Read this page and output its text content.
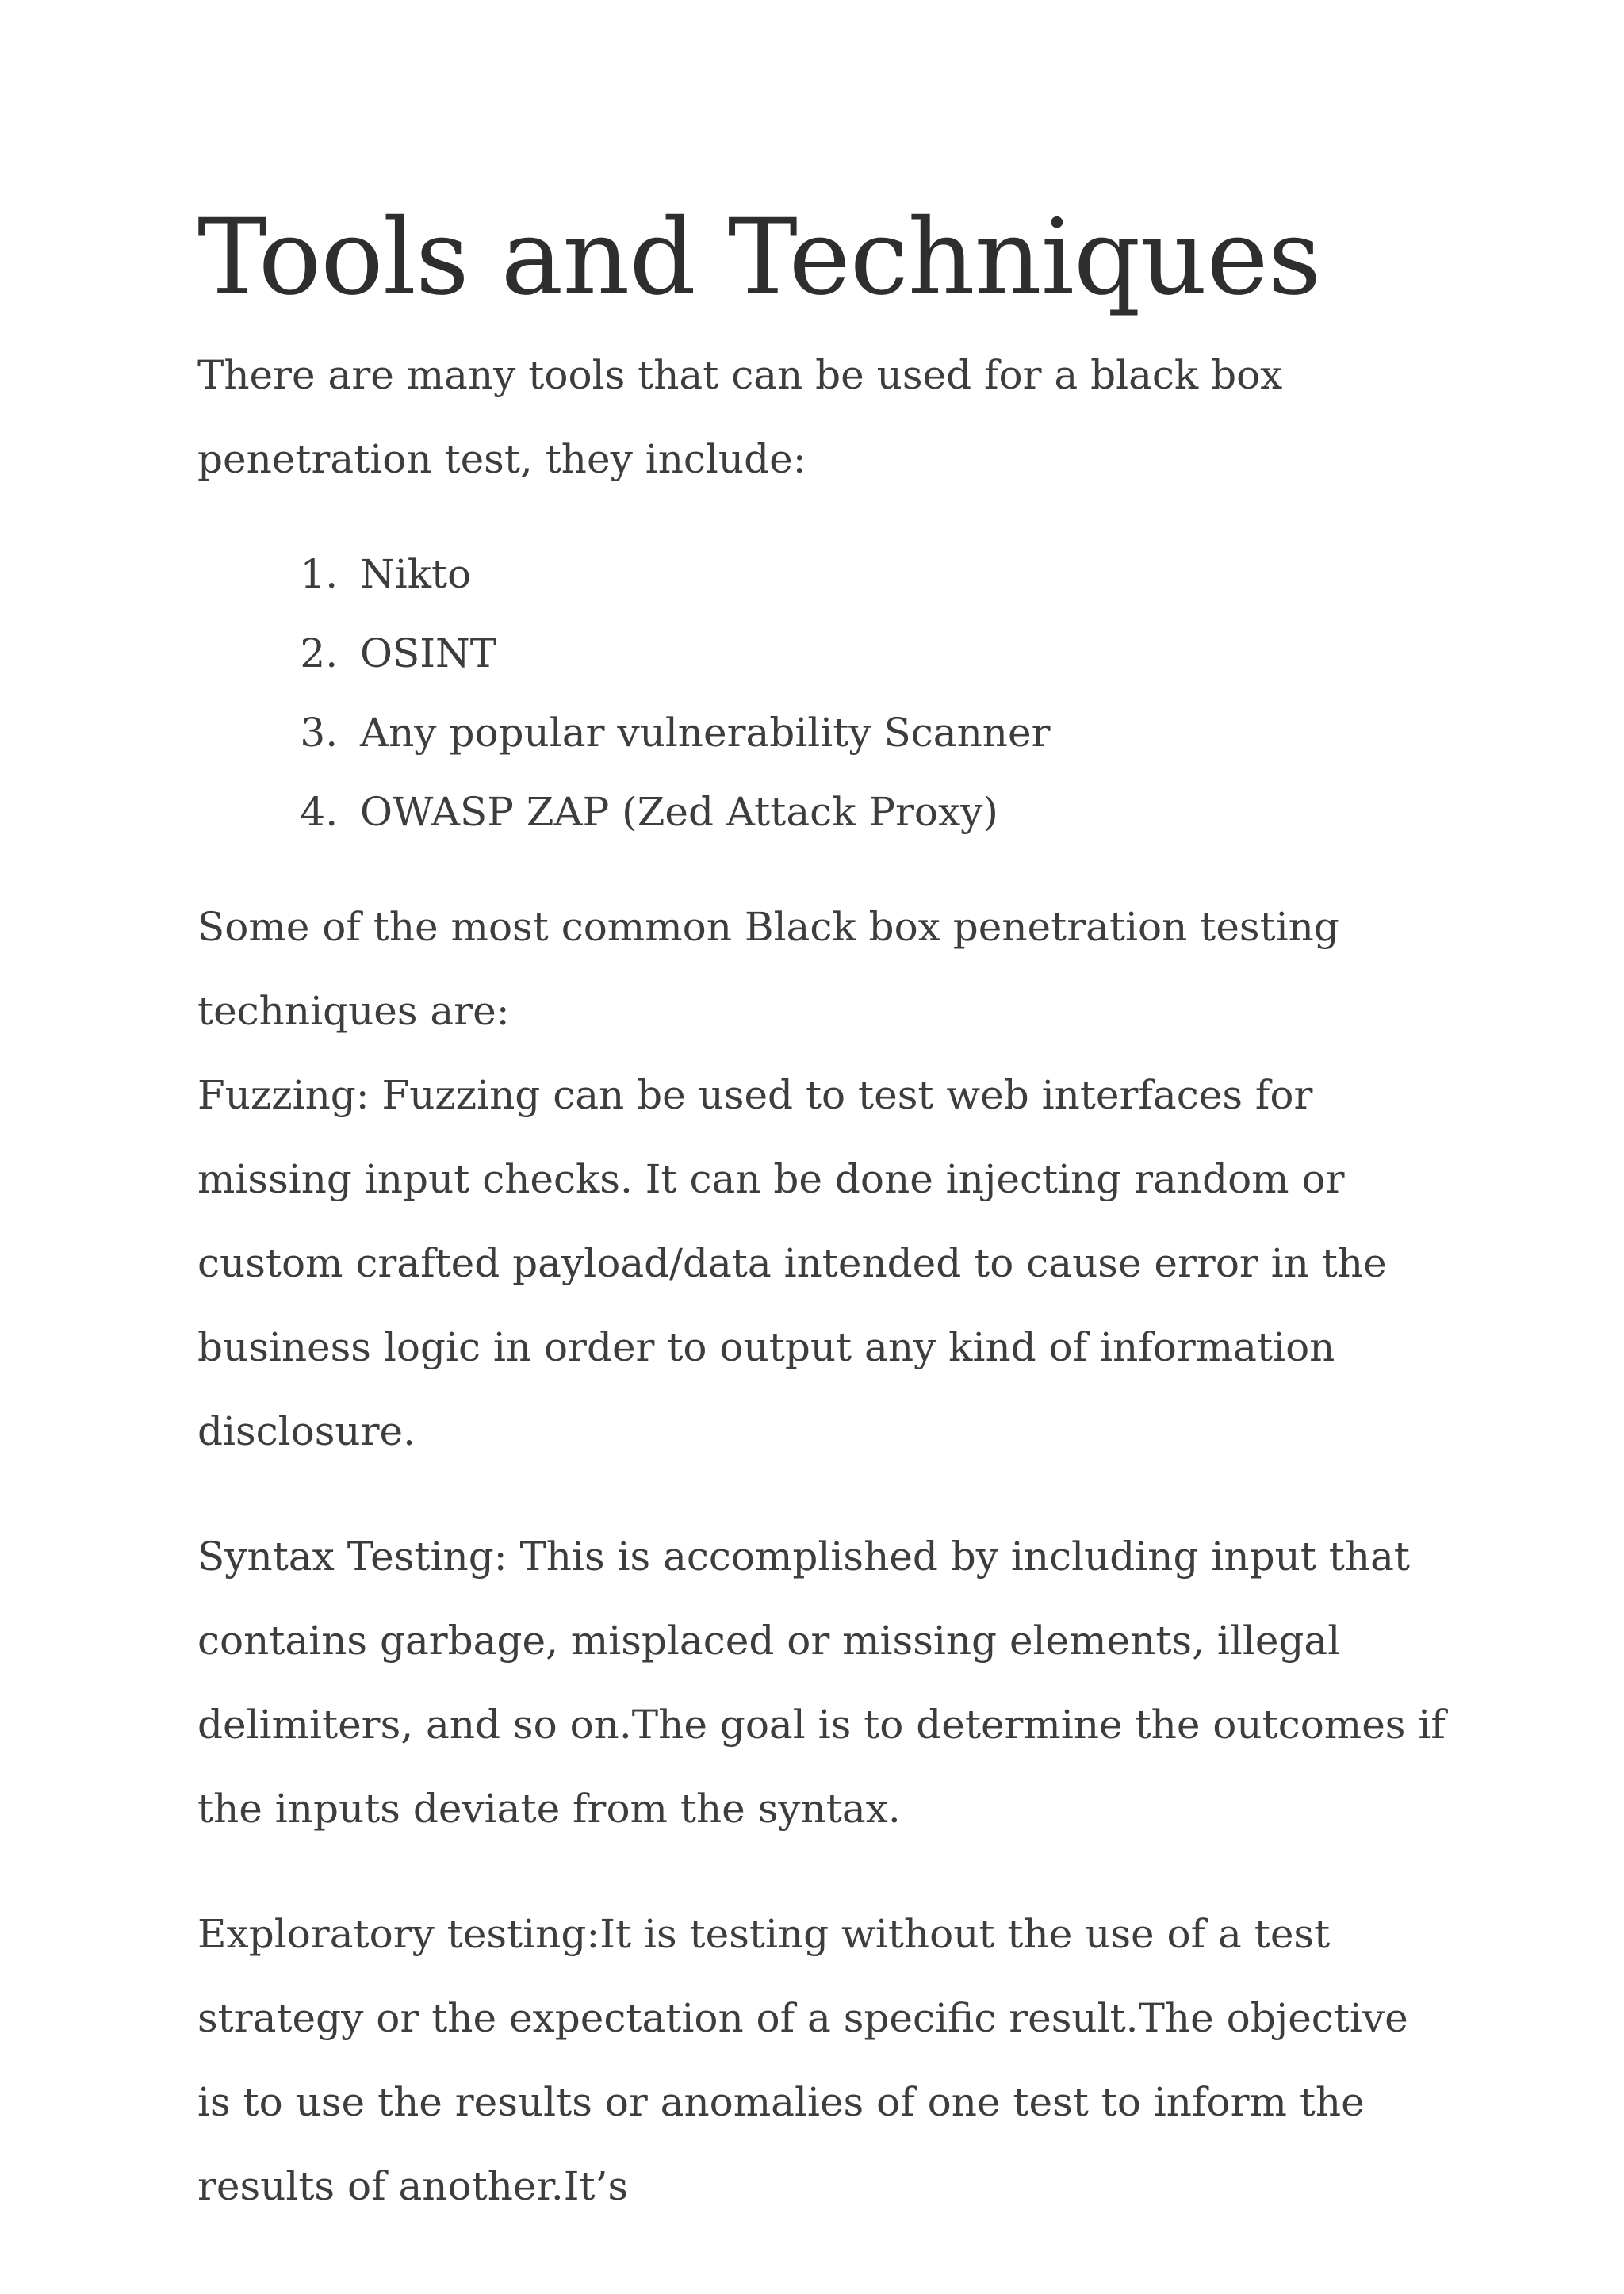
Tools and Techniques

There are many tools that can be used for a black box penetration test, they include:

1. Nikto
2. OSINT
3. Any popular vulnerability Scanner
4. OWASP ZAP (Zed Attack Proxy)

Some of the most common Black box penetration testing techniques are:

Fuzzing: Fuzzing can be used to test web interfaces for missing input checks. It can be done injecting random or custom crafted payload/data intended to cause error in the business logic in order to output any kind of information disclosure.

Syntax Testing: This is accomplished by including input that contains garbage, misplaced or missing elements, illegal delimiters, and so on.The goal is to determine the outcomes if the inputs deviate from the syntax.

Exploratory testing:It is testing without the use of a test strategy or the expectation of a specific result.The objective is to use the results or anomalies of one test to inform the results of another.It’s
